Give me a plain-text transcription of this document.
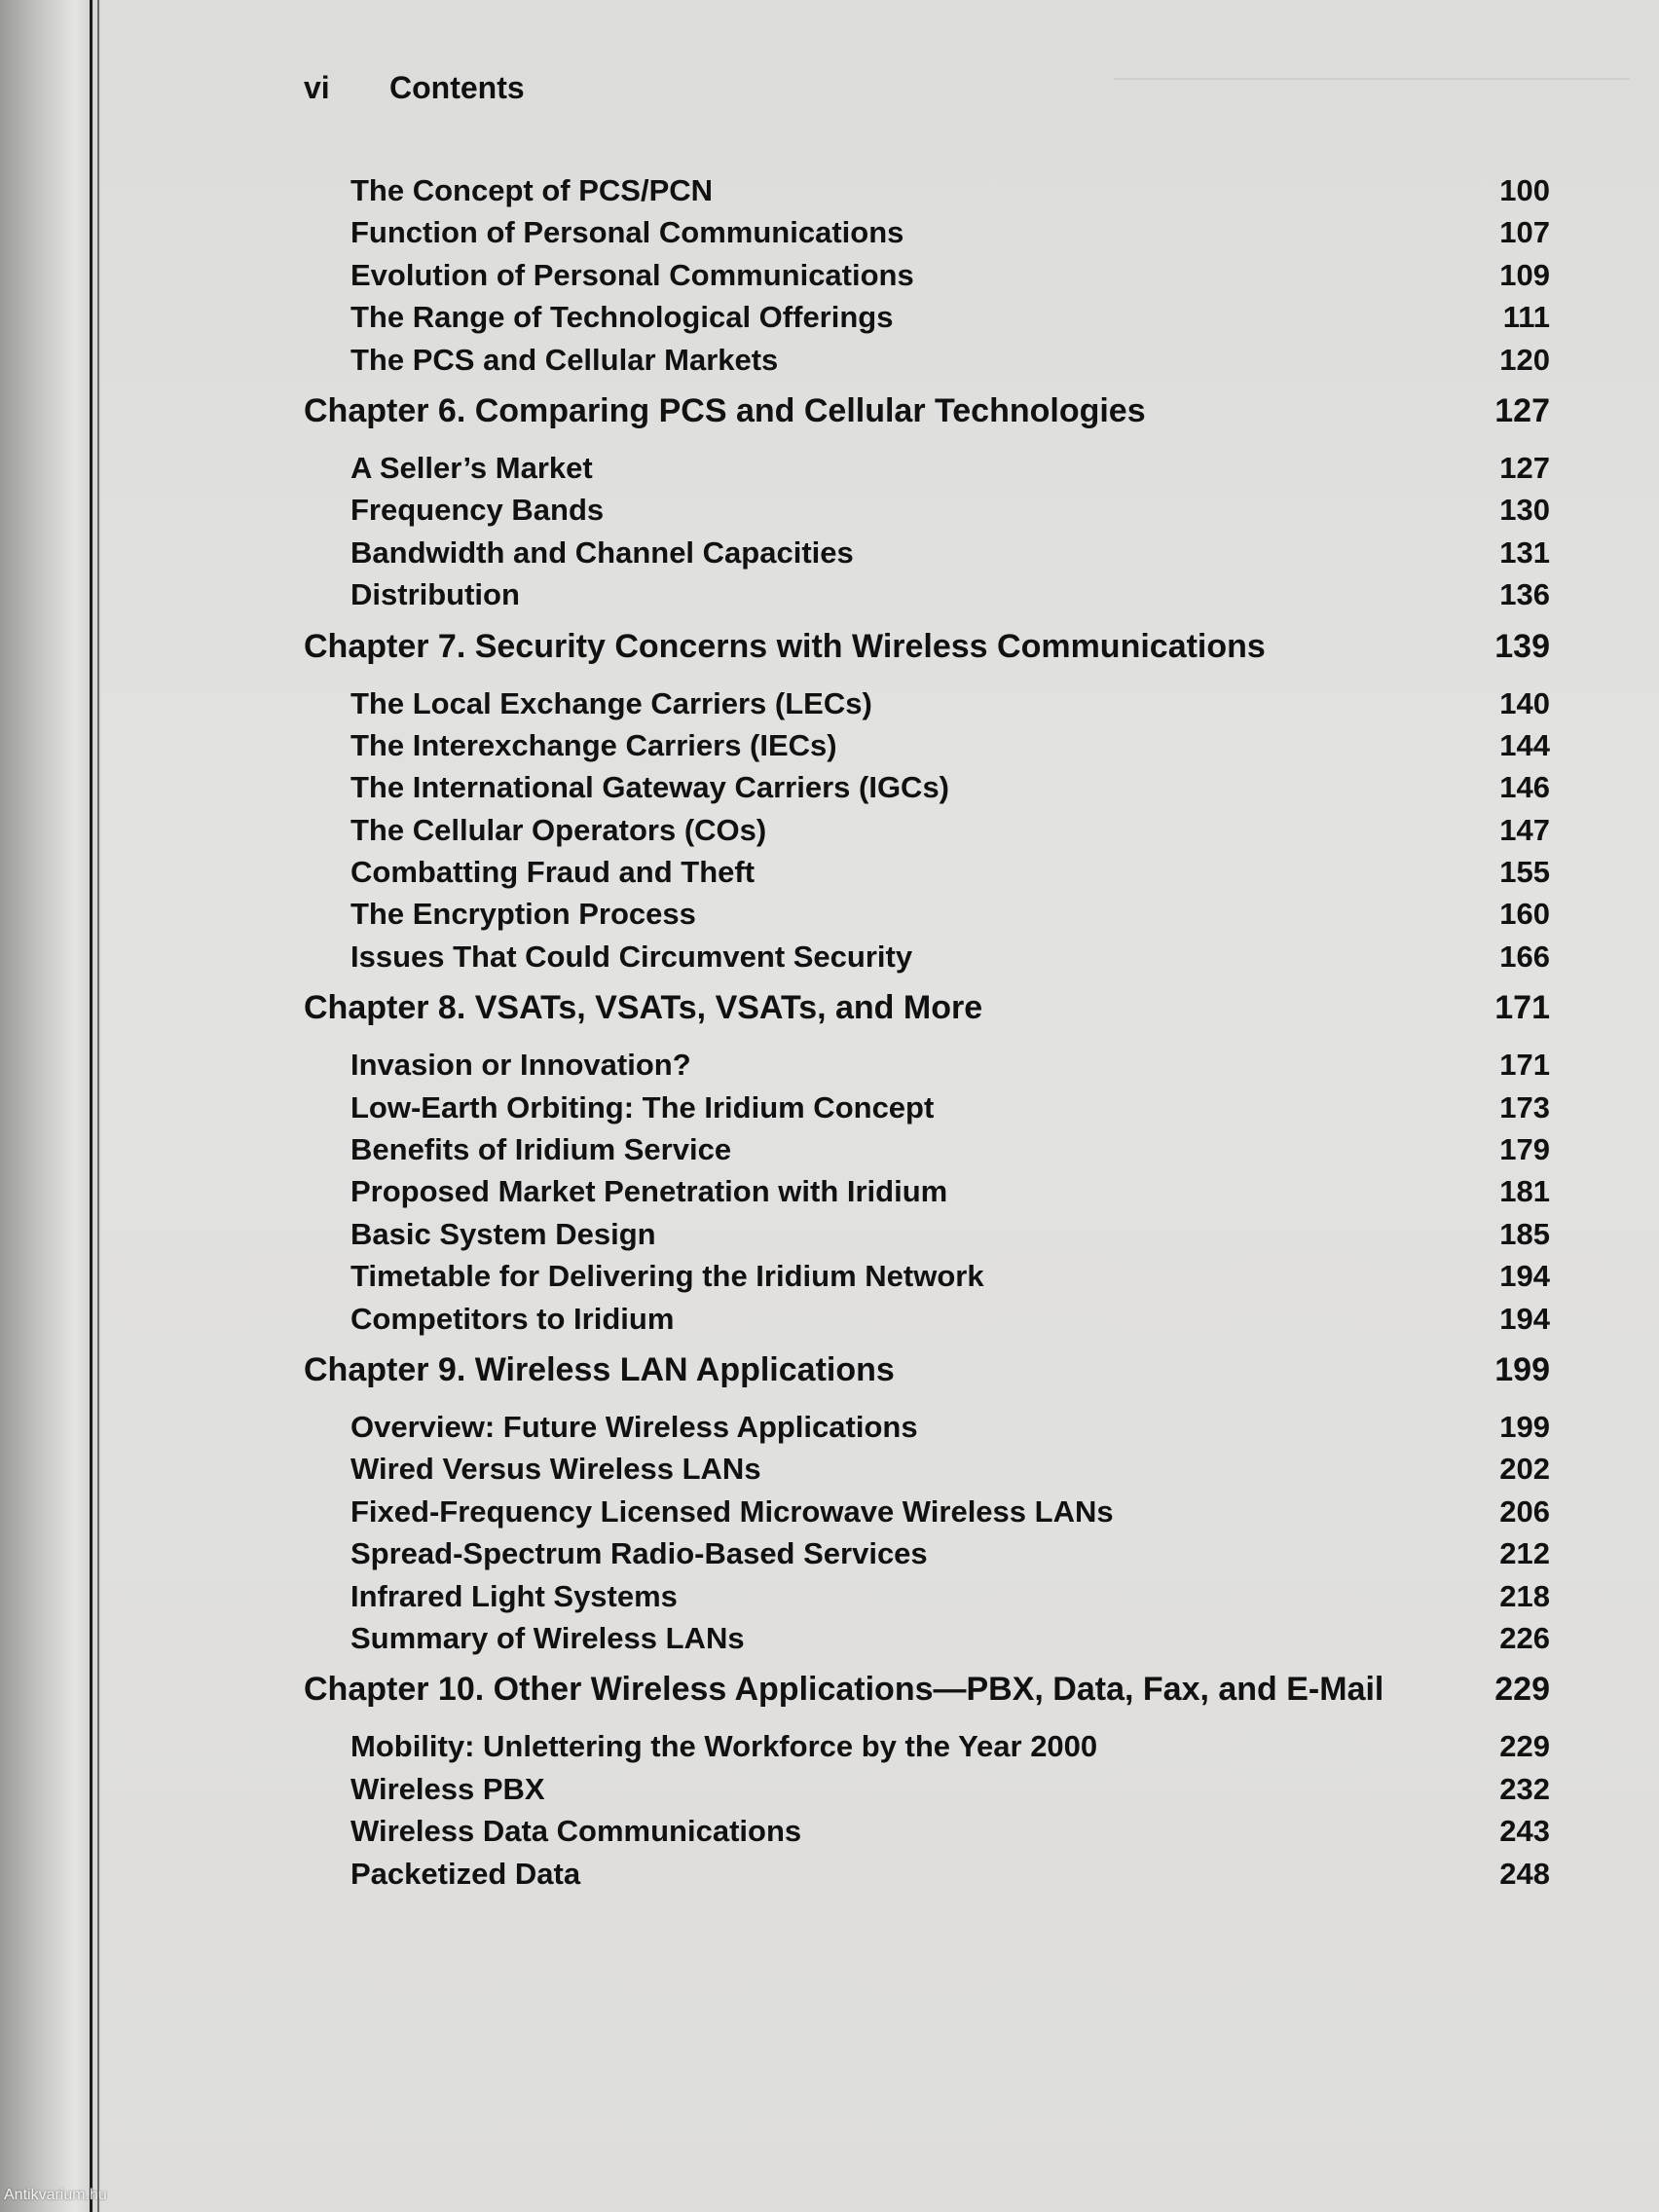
vi Contents
The Concept of PCS/PCN	100
Function of Personal Communications	107
Evolution of Personal Communications	109
The Range of Technological Offerings	111
The PCS and Cellular Markets	120
Chapter 6. Comparing PCS and Cellular Technologies	127
A Seller’s Market	127
Frequency Bands	130
Bandwidth and Channel Capacities	131
Distribution	136
Chapter 7. Security Concerns with Wireless Communications	139
The Local Exchange Carriers (LECs)	140
The Interexchange Carriers (IECs)	144
The International Gateway Carriers (IGCs)	146
The Cellular Operators (COs)	147
Combatting Fraud and Theft	155
The Encryption Process	160
Issues That Could Circumvent Security	166
Chapter 8. VSATs, VSATs, VSATs, and More	171
Invasion or Innovation?	171
Low-Earth Orbiting: The Iridium Concept	173
Benefits of Iridium Service	179
Proposed Market Penetration with Iridium	181
Basic System Design	185
Timetable for Delivering the Iridium Network	194
Competitors to Iridium	194
Chapter 9. Wireless LAN Applications	199
Overview: Future Wireless Applications	199
Wired Versus Wireless LANs	202
Fixed-Frequency Licensed Microwave Wireless LANs	206
Spread-Spectrum Radio-Based Services	212
Infrared Light Systems	218
Summary of Wireless LANs	226
Chapter 10. Other Wireless Applications—PBX, Data, Fax, and E-Mail	229
Mobility: Unlettering the Workforce by the Year 2000	229
Wireless PBX	232
Wireless Data Communications	243
Packetized Data	248
Antikvarium.hu
